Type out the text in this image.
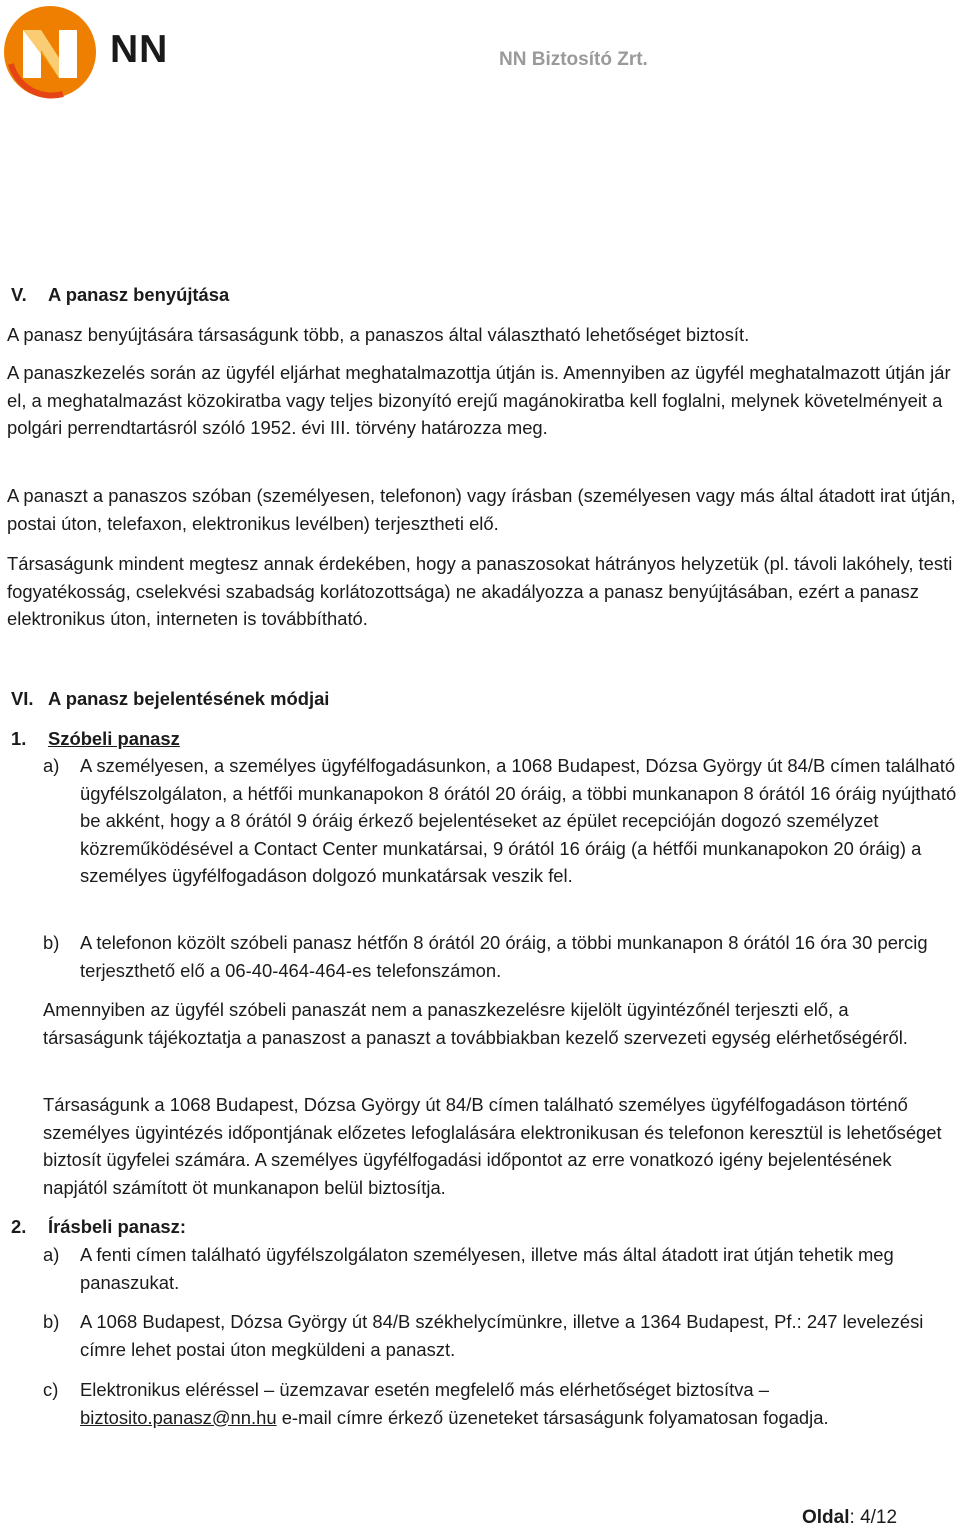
NN	NN Biztosító Zrt.

V. A panasz benyújtása

A panasz benyújtására társaságunk több, a panaszos által választható lehetőséget biztosít.

A panaszkezelés során az ügyfél eljárhat meghatalmazottja útján is. Amennyiben az ügyfél meghatalmazott útján jár el, a meghatalmazást közokiratba vagy teljes bizonyító erejű magánokiratba kell foglalni, melynek követelményeit a polgári perrendtartásról szóló 1952. évi III. törvény határozza meg.

A panaszt a panaszos szóban (személyesen, telefonon) vagy írásban (személyesen vagy más által átadott irat útján, postai úton, telefaxon, elektronikus levélben) terjesztheti elő.

Társaságunk mindent megtesz annak érdekében, hogy a panaszosokat hátrányos helyzetük (pl. távoli lakóhely, testi fogyatékosság, cselekvési szabadság korlátozottsága) ne akadályozza a panasz benyújtásában, ezért a panasz elektronikus úton, interneten is továbbítható.

VI. A panasz bejelentésének módjai

1. Szóbeli panasz

a) A személyesen, a személyes ügyfélfogadásunkon, a 1068 Budapest, Dózsa György út 84/B címen található ügyfélszolgálaton, a hétfői munkanapokon 8 órától 20 óráig, a többi munkanapon 8 órától 16 óráig nyújtható be akként, hogy a 8 órától 9 óráig érkező bejelentéseket az épület recepcióján dogozó személyzet közreműködésével a Contact Center munkatársai, 9 órától 16 óráig (a hétfői munkanapokon 20 óráig) a személyes ügyfélfogadáson dolgozó munkatársak veszik fel.
b) A telefonon közölt szóbeli panasz hétfőn 8 órától 20 óráig, a többi munkanapon 8 órától 16 óra 30 percig terjeszthető elő a 06-40-464-464-es telefonszámon.

Amennyiben az ügyfél szóbeli panaszát nem a panaszkezelésre kijelölt ügyintézőnél terjeszti elő, a társaságunk tájékoztatja a panaszost a panaszt a továbbiakban kezelő szervezeti egység elérhetőségéről.

Társaságunk a 1068 Budapest, Dózsa György út 84/B címen található személyes ügyfélfogadáson történő személyes ügyintézés időpontjának előzetes lefoglalására elektronikusan és telefonon keresztül is lehetőséget biztosít ügyfelei számára. A személyes ügyfélfogadási időpontot az erre vonatkozó igény bejelentésének napjától számított öt munkanapon belül biztosítja.

2. Írásbeli panasz:

a) A fenti címen található ügyfélszolgálaton személyesen, illetve más által átadott irat útján tehetik meg panaszukat.
b) A 1068 Budapest, Dózsa György út 84/B székhelycímünkre, illetve a 1364 Budapest, Pf.: 247 levelezési címre lehet postai úton megküldeni a panaszt.
c) Elektronikus eléréssel – üzemzavar esetén megfelelő más elérhetőséget biztosítva – biztosito.panasz@nn.hu e-mail címre érkező üzeneteket társaságunk folyamatosan fogadja.
Oldal: 4/12
